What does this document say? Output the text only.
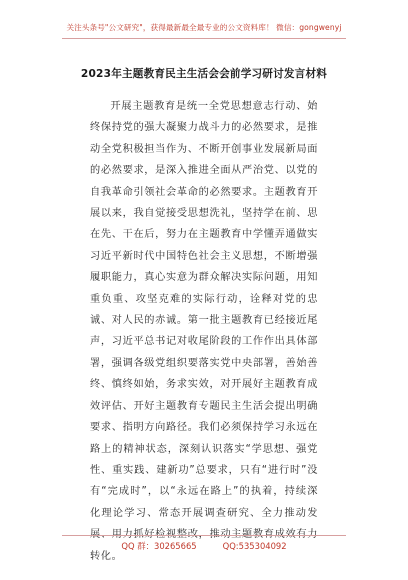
关注头条号"公文研究"，获得最新最全最专业的公文资料库！ 微信：gongwenyj
2023年主题教育民主生活会会前学习研讨发言材料

开展主题教育是统一全党思想意志行动、始终保持党的强大凝聚力战斗力的必然要求，是推动全党积极担当作为、不断开创事业发展新局面的必然要求，是深入推进全面从严治党、以党的自我革命引领社会革命的必然要求。主题教育开展以来，我自觉接受思想洗礼，坚持学在前、思在先、干在后，努力在主题教育中学懂弄通做实习近平新时代中国特色社会主义思想，不断增强履职能力，真心实意为群众解决实际问题，用知重负重、攻坚克难的实际行动，诠释对党的忠诚、对人民的赤诚。第一批主题教育已经接近尾声，习近平总书记对收尾阶段的工作作出具体部署，强调各级党组织要落实党中央部署，善始善终、慎终如始，务求实效，对开展好主题教育成效评估、开好主题教育专题民主生活会提出明确要求、指明方向路径。我们必须保持学习永远在路上的精神状态，深刻认识落实“学思想、强党性、重实践、建新功”总要求，只有“进行时”没有“完成时”，以“永远在路上”的执着，持续深化理论学习、常态开展调查研究、全力推动发展、用力抓好检视整改，推动主题教育成效有力转化。

QQ 群：30265665	QQ:535304092
